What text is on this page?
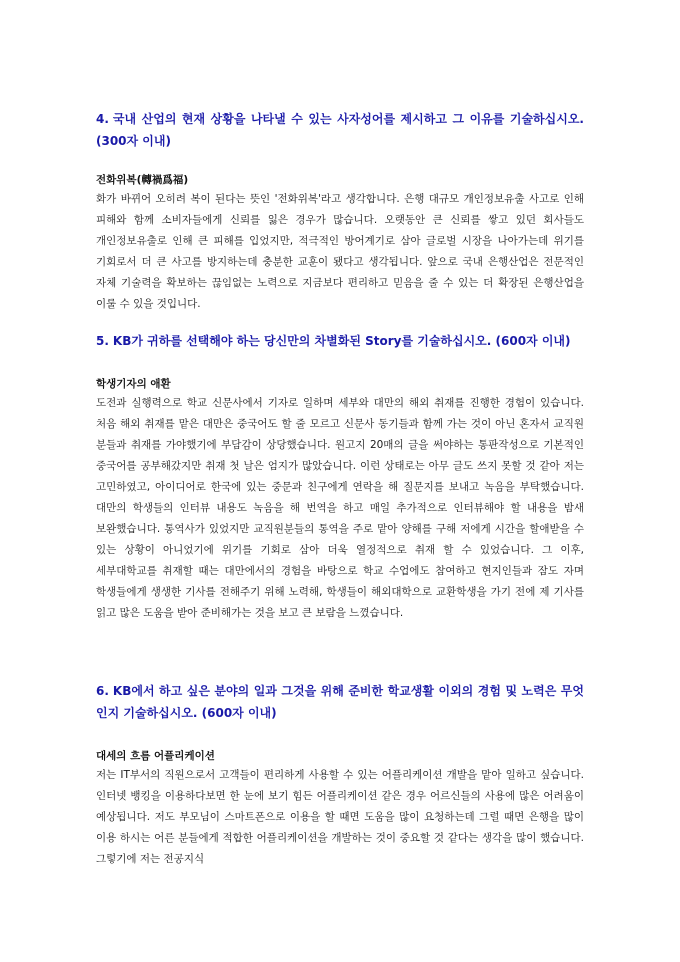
4. 국내 산업의 현재 상황을 나타낼 수 있는 사자성어를 제시하고 그 이유를 기술하십시오. (300자 이내)

전화위복(轉禍爲福)

화가 바뀌어 오히려 복이 된다는 뜻인 '전화위복'라고 생각합니다. 은행 대규모 개인정보유출 사고로 인해 피해와 함께 소비자들에게 신뢰를 잃은 경우가 많습니다. 오랫동안 큰 신뢰를 쌓고 있던 회사들도 개인정보유출로 인해 큰 피해를 입었지만, 적극적인 방어계기로 삼아 글로벌 시장을 나아가는데 위기를 기회로서 더 큰 사고를 방지하는데 충분한 교훈이 됐다고 생각됩니다. 앞으로 국내 은행산업은 전문적인 자체 기술력을 확보하는 끊임없는 노력으로 지금보다 편리하고 믿음을 줄 수 있는 더 확장된 은행산업을 이룰 수 있을 것입니다.

5. KB가 귀하를 선택해야 하는 당신만의 차별화된 Story를 기술하십시오. (600자 이내)

학생기자의 애환

도전과 실행력으로 학교 신문사에서 기자로 일하며 세부와 대만의 해외 취재를 진행한 경험이 있습니다. 처음 해외 취재를 맡은 대만은 중국어도 할 줄 모르고 신문사 동기들과 함께 가는 것이 아닌 혼자서 교직원 분들과 취재를 가야했기에 부담감이 상당했습니다. 원고지 20매의 글을 써야하는 통판작성으로 기본적인 중국어를 공부해갔지만 취재 첫 날은 엄지가 많았습니다. 이런 상태로는 아무 글도 쓰지 못할 것 같아 저는 고민하였고, 아이디어로 한국에 있는 중문과 친구에게 연락을 해 질문지를 보내고 녹음을 부탁했습니다. 대만의 학생들의 인터뷰 내용도 녹음을 해 번역을 하고 매일 추가적으로 인터뷰해야 할 내용을 밤새 보완했습니다. 통역사가 있었지만 교직원분들의 통역을 주로 맡아 양해를 구해 저에게 시간을 할애받을 수 있는 상황이 아니었기에 위기를 기회로 삼아 더욱 열정적으로 취재 할 수 있었습니다. 그 이후, 세부대학교를 취재할 때는 대만에서의 경험을 바탕으로 학교 수업에도 참여하고 현지인들과 잠도 자며 학생들에게 생생한 기사를 전해주기 위해 노력해, 학생들이 해외대학으로 교환학생을 가기 전에 제 기사를 읽고 많은 도움을 받아 준비해가는 것을 보고 큰 보람을 느꼈습니다.

6. KB에서 하고 싶은 분야의 일과 그것을 위해 준비한 학교생활 이외의 경험 및 노력은 무엇인지 기술하십시오. (600자 이내)

대세의 흐름 어플리케이션

저는 IT부서의 직원으로서 고객들이 편리하게 사용할 수 있는 어플리케이션 개발을 맡아 일하고 싶습니다. 인터넷 뱅킹을 이용하다보면 한 눈에 보기 힘든 어플리케이션 같은 경우 어르신들의 사용에 많은 어려움이 예상됩니다. 저도 부모님이 스마트폰으로 이용을 할 때면 도움을 많이 요청하는데 그럴 때면 은행을 많이 이용 하시는 어른 분들에게 적합한 어플리케이션을 개발하는 것이 중요할 것 같다는 생각을 많이 했습니다. 그렇기에 저는 전공지식
